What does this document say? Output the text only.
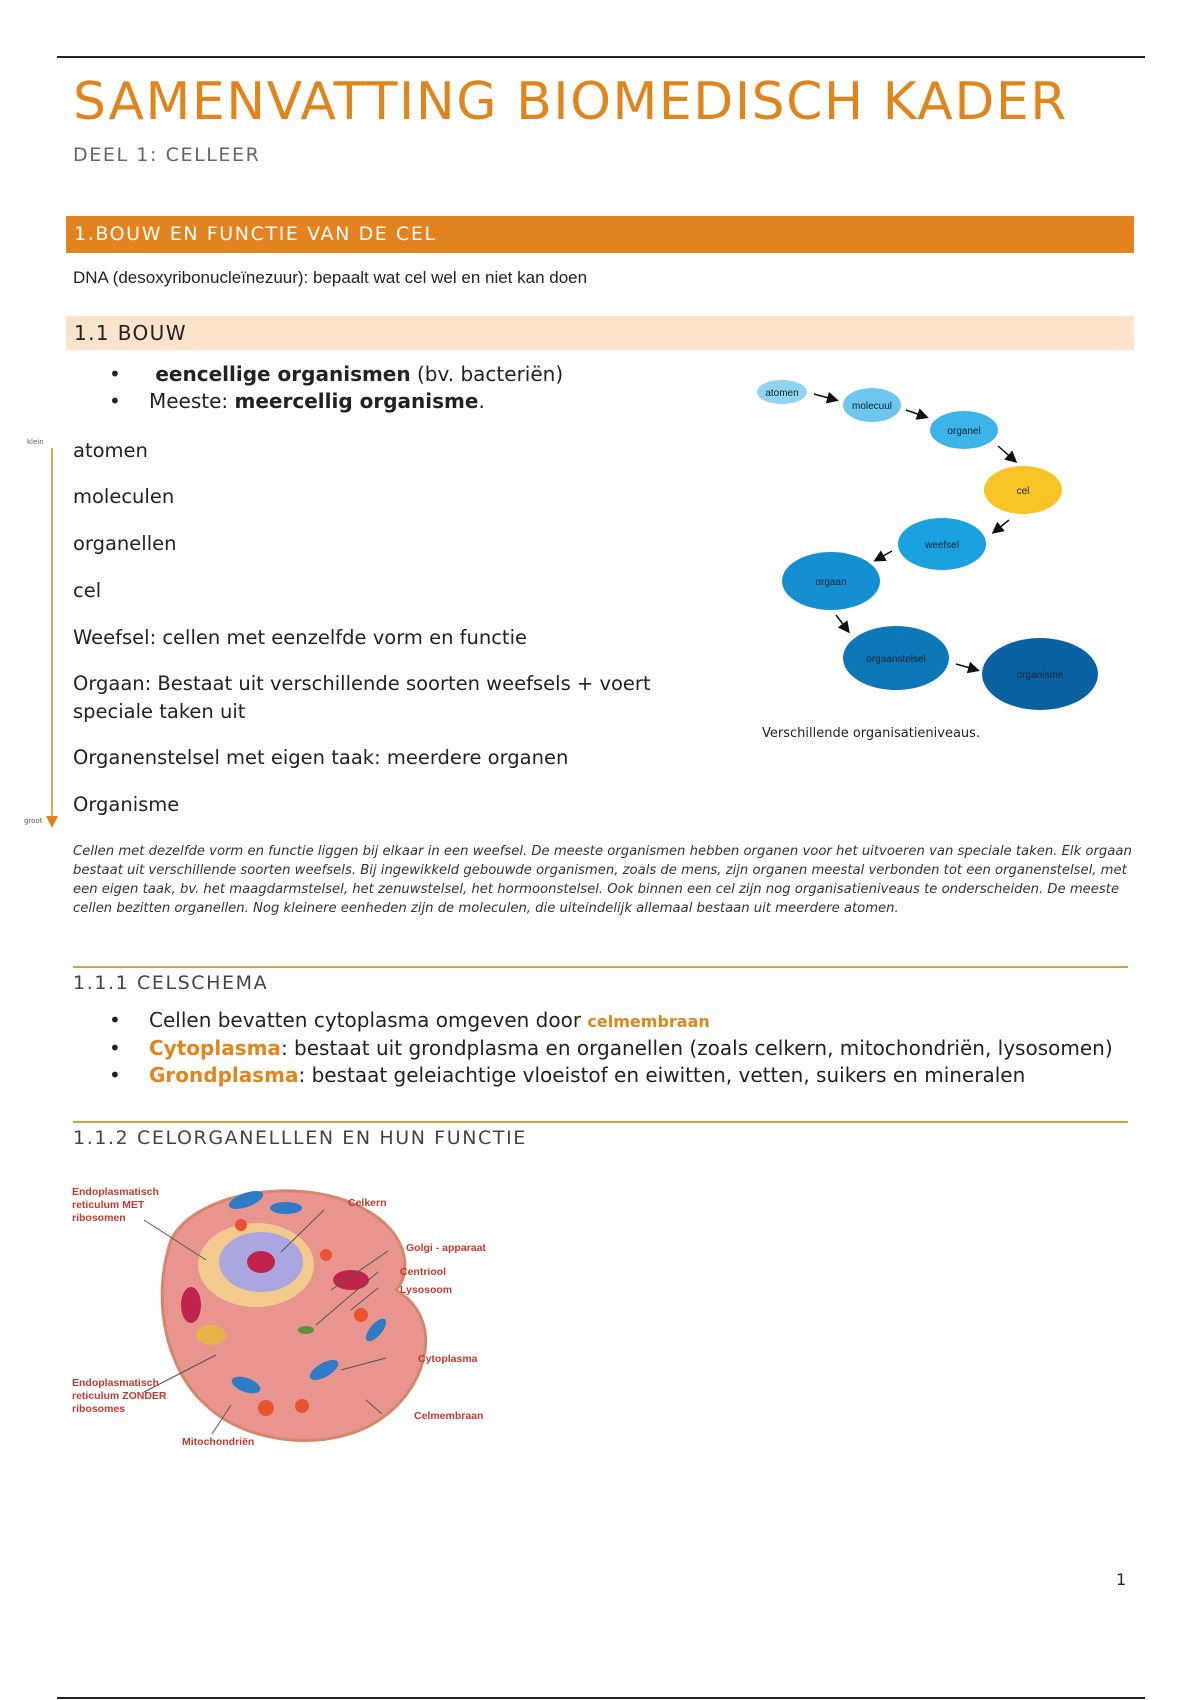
SAMENVATTING BIOMEDISCH KADER
DEEL 1: CELLEER
1.BOUW EN FUNCTIE VAN DE CEL
DNA (desoxyribonucleïnezuur): bepaalt wat cel wel en niet kan doen
1.1 BOUW
• eencellige organismen (bv. bacteriën)
• Meeste: meercellig organisme.
klein
groot
atomen
moleculen
organellen
cel
Weefsel: cellen met eenzelfde vorm en functie
Orgaan: Bestaat uit verschillende soorten weefsels + voert
speciale taken uit
Organenstelsel met eigen taak: meerdere organen
Organisme
atomen
molecuul
organel
cel
weefsel
orgaan
orgaanstelsel
organisme
Verschillende organisatieniveaus.
Cellen met dezelfde vorm en functie liggen bij elkaar in een weefsel. De meeste organismen hebben organen voor het uitvoeren van speciale taken. Elk orgaan bestaat uit verschillende soorten weefsels. Bij ingewikkeld gebouwde organismen, zoals de mens, zijn organen meestal verbonden tot een organenstelsel, met een eigen taak, bv. het maagdarmstelsel, het zenuwstelsel, het hormoonstelsel. Ook binnen een cel zijn nog organisatieniveaus te onderscheiden. De meeste cellen bezitten organellen. Nog kleinere eenheden zijn de moleculen, die uiteindelijk allemaal bestaan uit meerdere atomen.
1.1.1 CELSCHEMA
• Cellen bevatten cytoplasma omgeven door celmembraan
• Cytoplasma: bestaat uit grondplasma en organellen (zoals celkern, mitochondriën, lysosomen)
• Grondplasma: bestaat geleiachtige vloeistof en eiwitten, vetten, suikers en mineralen
1.1.2 CELORGANELLLEN EN HUN FUNCTIE
Endoplasmatisch
reticulum MET
ribosomen
Celkern
Golgi - apparaat
Centriool
Lysosoom
Cytoplasma
Endoplasmatisch
reticulum ZONDER
ribosomes
Celmembraan
Mitochondriën
1
